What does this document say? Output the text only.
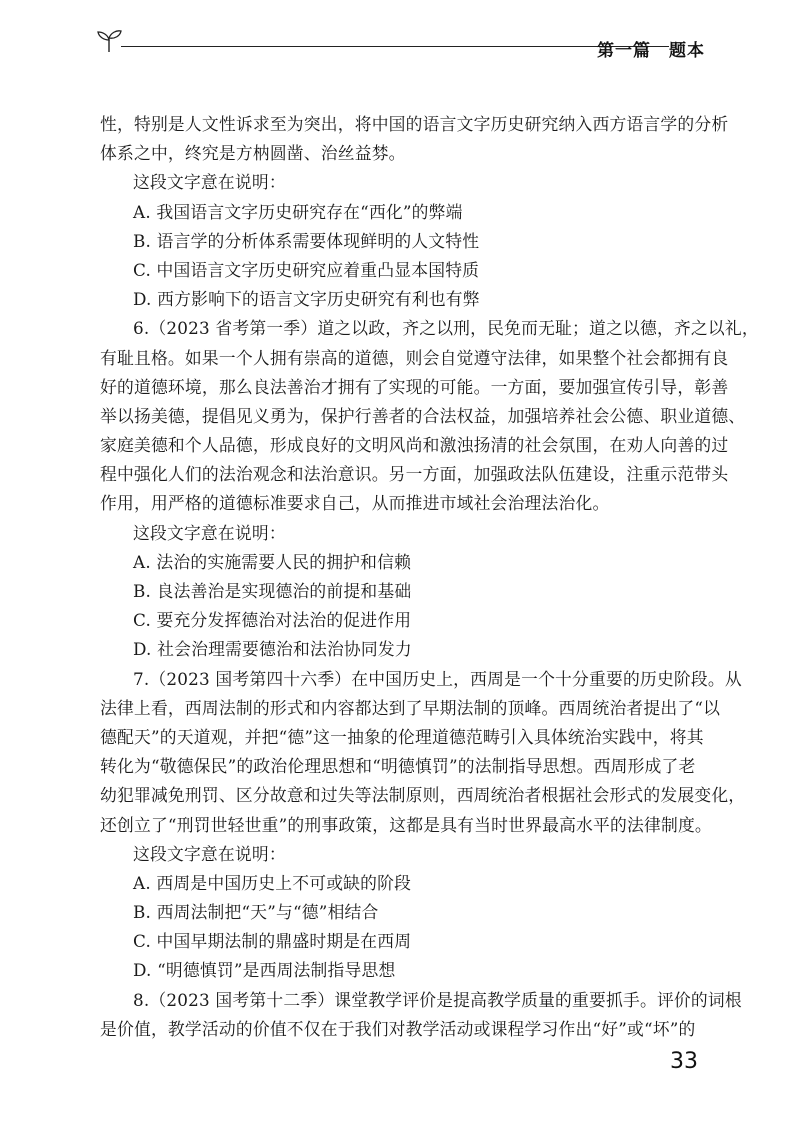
第一篇　题本
性，特别是人文性诉求至为突出，将中国的语言文字历史研究纳入西方语言学的分析
体系之中，终究是方枘圆凿、治丝益棼。
这段文字意在说明：
A. 我国语言文字历史研究存在“西化”的弊端
B. 语言学的分析体系需要体现鲜明的人文特性
C. 中国语言文字历史研究应着重凸显本国特质
D. 西方影响下的语言文字历史研究有利也有弊
6.（2023 省考第一季）道之以政，齐之以刑，民免而无耻；道之以德，齐之以礼，
有耻且格。如果一个人拥有崇高的道德，则会自觉遵守法律，如果整个社会都拥有良
好的道德环境，那么良法善治才拥有了实现的可能。一方面，要加强宣传引导，彰善
举以扬美德，提倡见义勇为，保护行善者的合法权益，加强培养社会公德、职业道德、
家庭美德和个人品德，形成良好的文明风尚和激浊扬清的社会氛围，在劝人向善的过
程中强化人们的法治观念和法治意识。另一方面，加强政法队伍建设，注重示范带头
作用，用严格的道德标准要求自己，从而推进市域社会治理法治化。
这段文字意在说明：
A. 法治的实施需要人民的拥护和信赖
B. 良法善治是实现德治的前提和基础
C. 要充分发挥德治对法治的促进作用
D. 社会治理需要德治和法治协同发力
7.（2023 国考第四十六季）在中国历史上，西周是一个十分重要的历史阶段。从
法律上看，西周法制的形式和内容都达到了早期法制的顶峰。西周统治者提出了“以
德配天”的天道观，并把“德”这一抽象的伦理道德范畴引入具体统治实践中，将其
转化为“敬德保民”的政治伦理思想和“明德慎罚”的法制指导思想。西周形成了老
幼犯罪减免刑罚、区分故意和过失等法制原则，西周统治者根据社会形式的发展变化，
还创立了“刑罚世轻世重”的刑事政策，这都是具有当时世界最高水平的法律制度。
这段文字意在说明：
A. 西周是中国历史上不可或缺的阶段
B. 西周法制把“天”与“德”相结合
C. 中国早期法制的鼎盛时期是在西周
D. “明德慎罚”是西周法制指导思想
8.（2023 国考第十二季）课堂教学评价是提高教学质量的重要抓手。评价的词根
是价值，教学活动的价值不仅在于我们对教学活动或课程学习作出“好”或“坏”的
33
